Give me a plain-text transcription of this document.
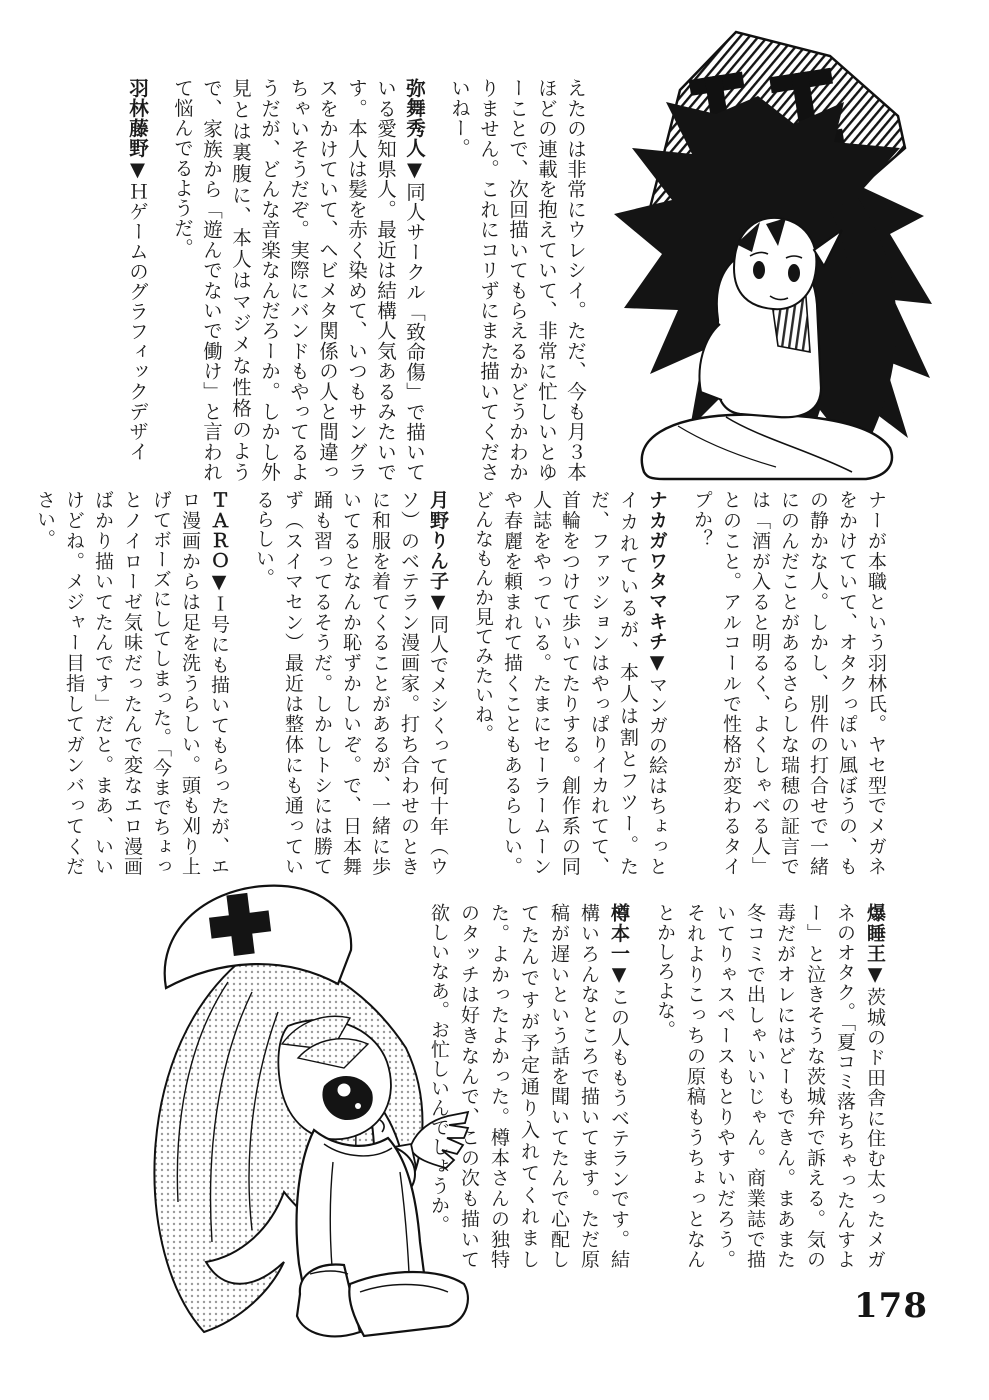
えたのは非常にウレシイ。ただ、今も月３本ほどの連載を抱えていて、非常に忙しいとゆーことで、次回描いてもらえるかどうかわかりません。これにコリずにまた描いてくださいねー。

弥舞秀人▼同人サークル「致命傷」で描いている愛知県人。最近は結構人気あるみたいです。本人は髪を赤く染めて、いつもサングラスをかけていて、ヘビメタ関係の人と間違っちゃいそうだぞ。実際にバンドもやってるようだが、どんな音楽なんだろーか。しかし外見とは裏腹に、本人はマジメな性格のようで、家族から「遊んでないで働け」と言われて悩んでるようだ。

羽林藤野▼Ｈゲームのグラフィックデザイ

ナーが本職という羽林氏。ヤセ型でメガネをかけていて、オタクっぽい風ぼうの、もの静かな人。しかし、別件の打合せで一緒にのんだことがあるさらしな瑞穂の証言では「酒が入ると明るく、よくしゃべる人」とのこと。アルコールで性格が変わるタイプか？

ナカガワタマキチ▼マンガの絵はちょっとイカれているが、本人は割とフツー。ただ、ファッションはやっぱりイカれてて、首輪をつけて歩いてたりする。創作系の同人誌をやっている。たまにセーラームーンや春麗を頼まれて描くこともあるらしい。どんなもんか見てみたいね。

月野りん子▼同人でメシくって何十年（ウソ）のベテラン漫画家。打ち合わせのときに和服を着てくることがあるが、一緒に歩いてるとなんか恥ずかしいぞ。で、日本舞踊も習ってるそうだ。しかしトシには勝てず（スイマセン）最近は整体にも通っているらしい。

ＴＡＲＯ▼Ｉ号にも描いてもらったが、エロ漫画からは足を洗うらしい。頭も刈り上げてボーズにしてしまった。「今までちょっとノイローゼ気味だったんで変なエロ漫画ばかり描いてたんです」だと。まあ、いいけどね。メジャー目指してガンバってください。

爆睡王▼茨城のド田舎に住む太ったメガネのオタク。「夏コミ落ちちゃったんすよー」と泣きそうな茨城弁で訴える。気の毒だがオレにはどーもできん。まあまた冬コミで出しゃいいじゃん。商業誌で描いてりゃスペースもとりやすいだろう。それよりこっちの原稿もうちょっとなんとかしろよな。

樽本一▼この人ももうベテランです。結構いろんなところで描いてます。ただ原稿が遅いという話を聞いてたんで心配してたんですが予定通り入れてくれました。よかったよかった。樽本さんの独特のタッチは好きなんで、この次も描いて欲しいなあ。お忙しいんでしょうか。

178
